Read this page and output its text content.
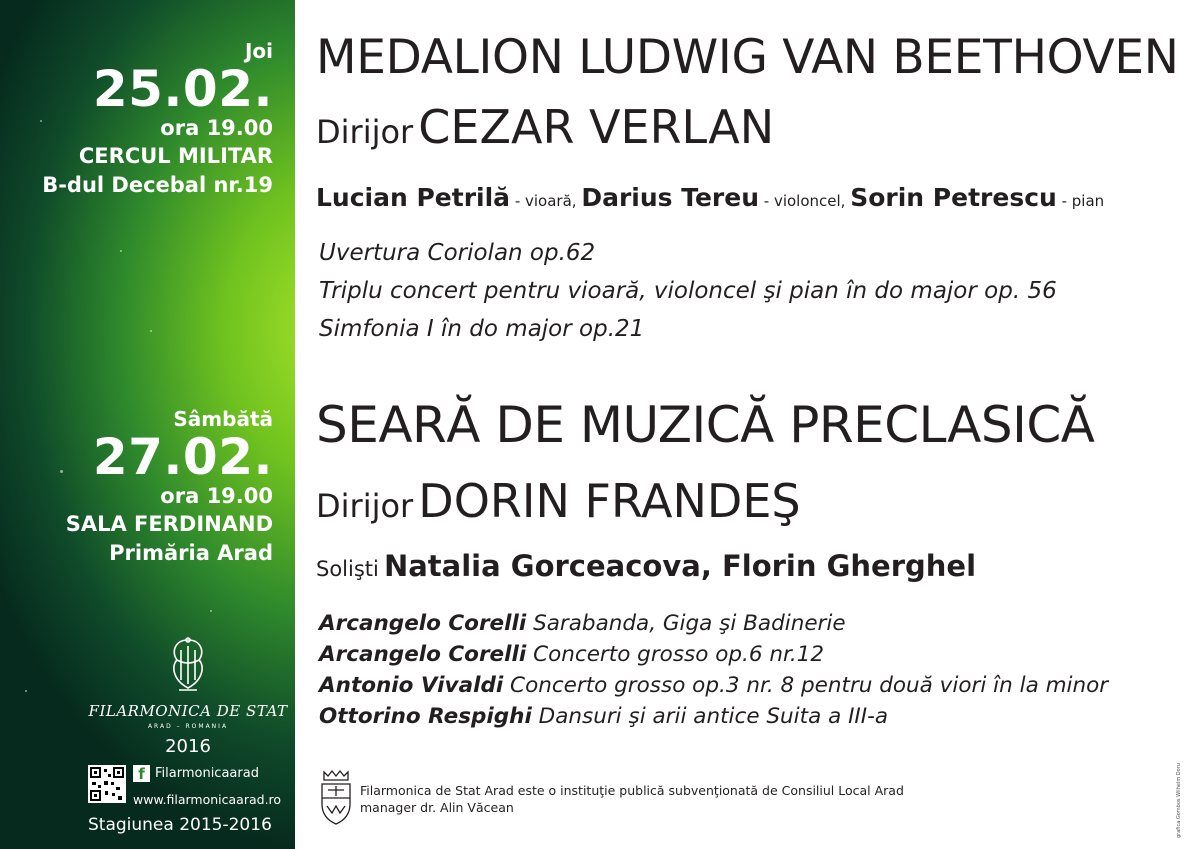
Joi
25.02.
ora 19.00
CERCUL MILITAR
B-dul Decebal nr.19
Sâmbătă
27.02.
ora 19.00
SALA FERDINAND
Primăria Arad
FILARMONICA DE STAT
ARAD – ROMANIA
2016
f Filarmonicaarad
www.filarmonicaarad.ro
Stagiunea 2015-2016
MEDALION LUDWIG VAN BEETHOVEN
Dirijor CEZAR VERLAN
Lucian Petrilă - vioară, Darius Tereu - violoncel, Sorin Petrescu - pian
Uvertura Coriolan op.62
Triplu concert pentru vioară, violoncel şi pian în do major op. 56
Simfonia I în do major op.21
SEARĂ DE MUZICĂ PRECLASICĂ
Dirijor DORIN FRANDEŞ
Solişti Natalia Gorceacova, Florin Gherghel
Arcangelo Corelli Sarabanda, Giga şi Badinerie
Arcangelo Corelli Concerto grosso op.6 nr.12
Antonio Vivaldi Concerto grosso op.3 nr. 8 pentru două viori în la minor
Ottorino Respighi Dansuri şi arii antice Suita a III-a
Filarmonica de Stat Arad este o instituţie publică subvenţionată de Consiliul Local Arad
manager dr. Alin Văcean	grafica Gombos Wilhelm Doru
